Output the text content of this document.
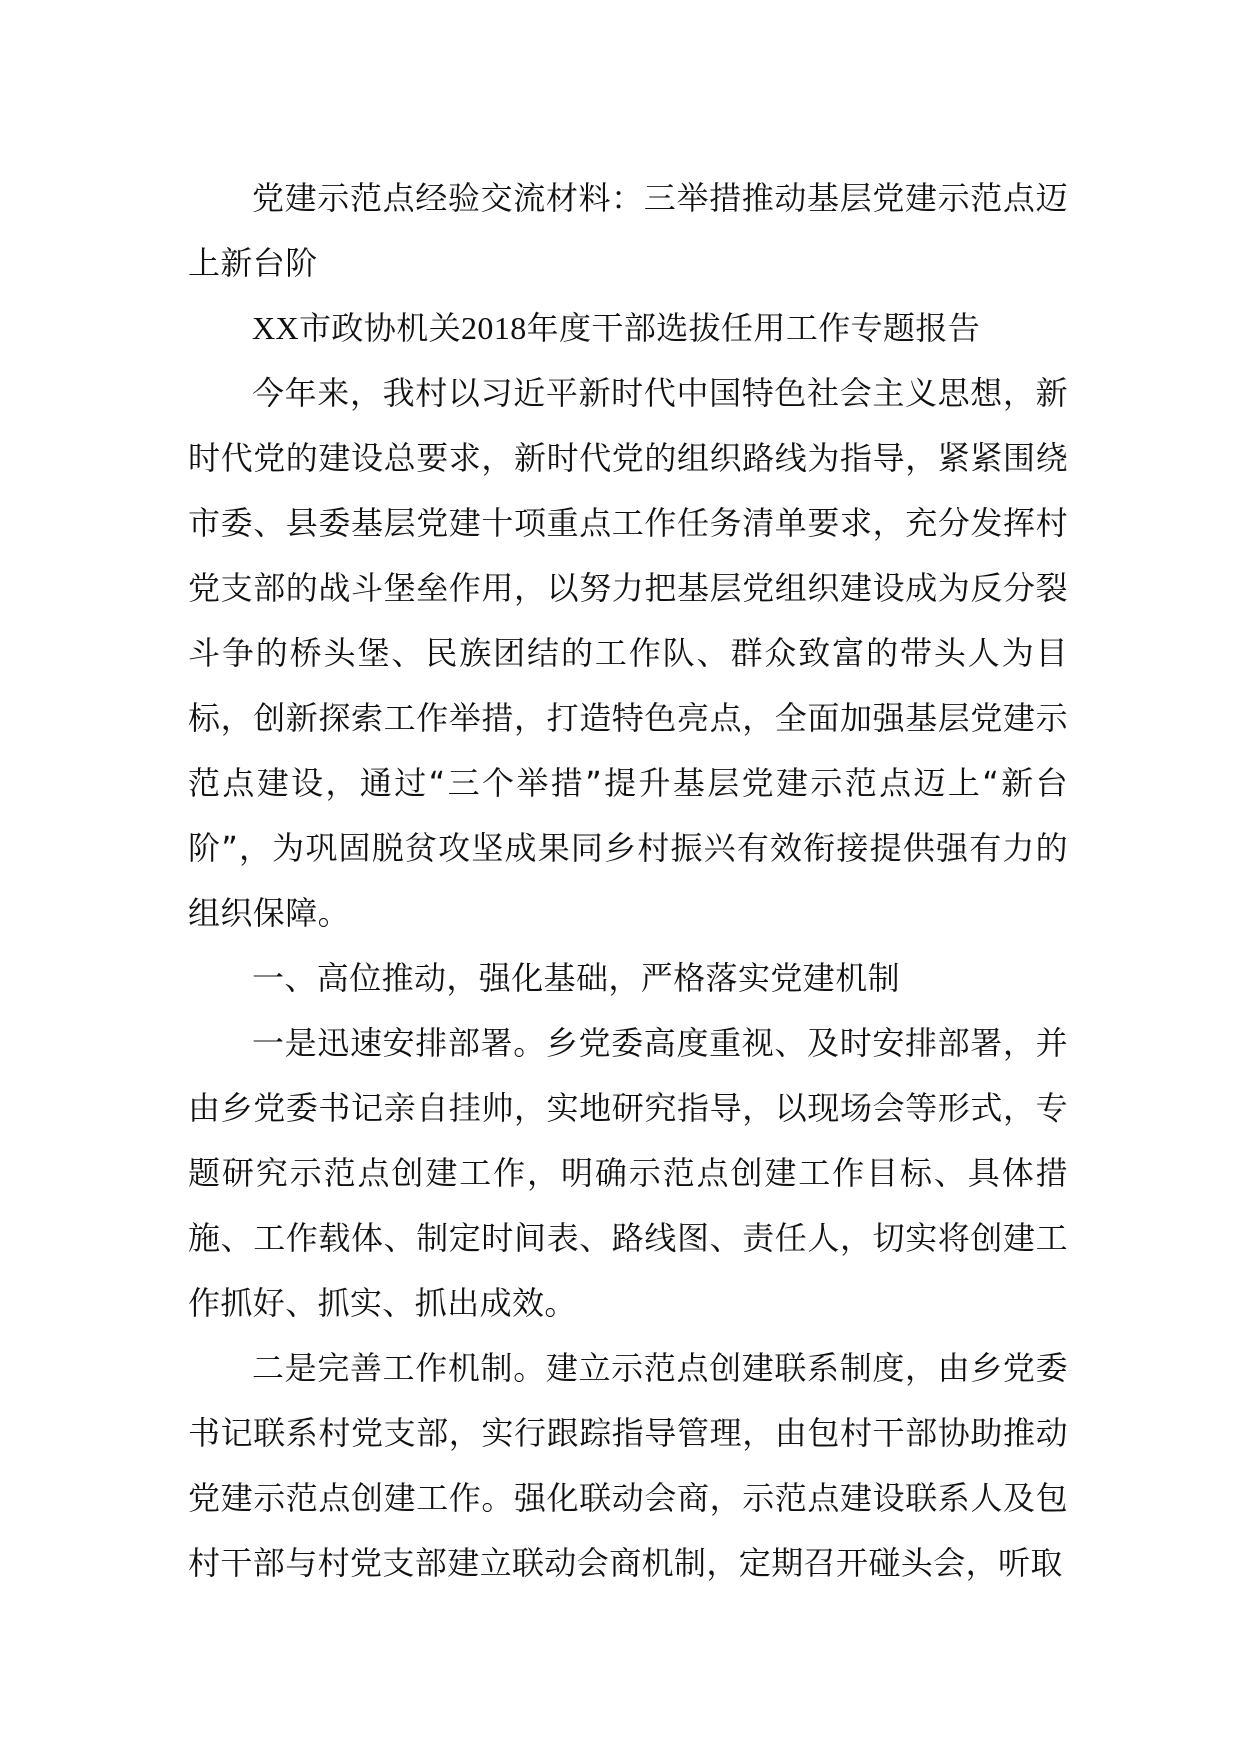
党建示范点经验交流材料：三举措推动基层党建示范点迈上新台阶

XX市政协机关2018年度干部选拔任用工作专题报告

今年来，我村以习近平新时代中国特色社会主义思想，新时代党的建设总要求，新时代党的组织路线为指导，紧紧围绕市委、县委基层党建十项重点工作任务清单要求，充分发挥村党支部的战斗堡垒作用，以努力把基层党组织建设成为反分裂斗争的桥头堡、民族团结的工作队、群众致富的带头人为目标，创新探索工作举措，打造特色亮点，全面加强基层党建示范点建设，通过“三个举措”提升基层党建示范点迈上“新台阶”，为巩固脱贫攻坚成果同乡村振兴有效衔接提供强有力的组织保障。

一、高位推动，强化基础，严格落实党建机制

一是迅速安排部署。乡党委高度重视、及时安排部署，并由乡党委书记亲自挂帅，实地研究指导，以现场会等形式，专题研究示范点创建工作，明确示范点创建工作目标、具体措施、工作载体、制定时间表、路线图、责任人，切实将创建工作抓好、抓实、抓出成效。

二是完善工作机制。建立示范点创建联系制度，由乡党委书记联系村党支部，实行跟踪指导管理，由包村干部协助推动党建示范点创建工作。强化联动会商，示范点建设联系人及包村干部与村党支部建立联动会商机制，定期召开碰头会，听取
